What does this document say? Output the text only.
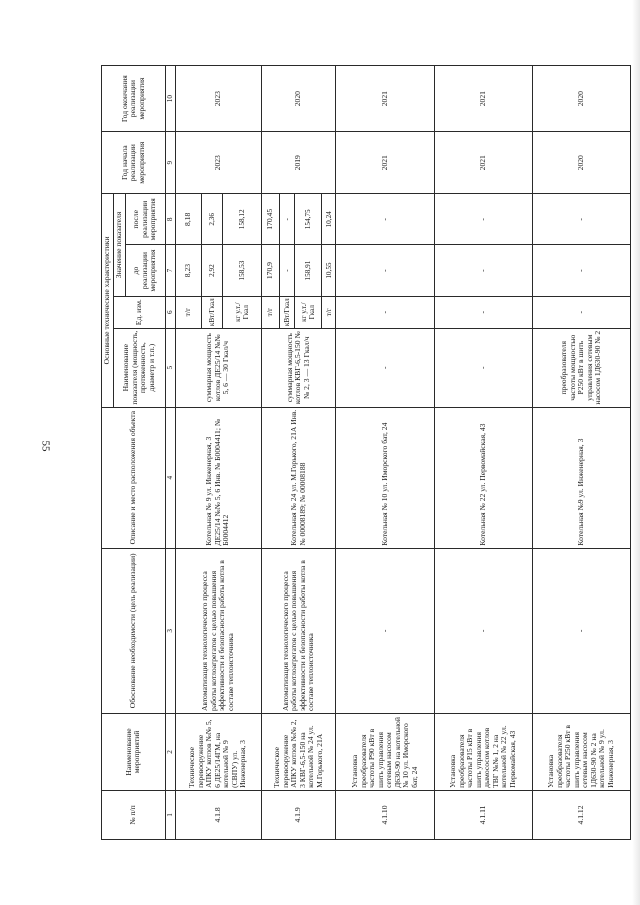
55
№ п/п	Наименование мероприятий	Обоснование необходимости (цель реализации)	Описание и место расположения объекта	Основные технические характеристики				Год начала реализации мероприятия	Год окончания реализации мероприятия
				Наименование показателя (мощность, протяженность, диаметр и т.п.)	Ед. изм.	Значение показателя			
						до реализации мероприятия	после реализации мероприятия		
1	2	3	4	5	6	7	8	9	10
4.1.8	Техническое перевооружение АПКУ котлов №№ 5, 6 ДЕ25/14ГМ, на котельной № 9 (СВПУ) ул. Инженерная, 3	Автоматизация технологического процесса работы котлоагрегатов с целью повышения эффективности и безопасности работы котла в составе теплоисточника	Котельная № 9 ул. Инженерная, 3 ДЕ25/14 №№ 5, 6 Инв. № Б0004411; № Б0004412	суммарная мощность котлов ДЕ25/14 №№ 5, 6 — 30 Гкал/ч	т/г	8,23	8,18	2023	2023
					кВт/Гкал	2,92	2,36		
					кг у.т./Гкал	158,53	158,12		
4.1.9	Техническое перевооружение АПКУ котлов №№ 2, 3 КВГ-6,5-150 на котельной № 24 ул. М.Горького, 21А	Автоматизация технологического процесса работы котлоагрегатов с целью повышения эффективности и безопасности работы котла в составе теплоисточника	Котельная № 24 ул. М.Горького, 21А Инв. № 00008189; № 00008188	суммарная мощность котлов КВГ-6,5-150 №№ 2, 3 — 13 Гкал/ч	т/г	170,9	170,45	2019	2020
					кВт/Гкал	-	-		
					кг у.т./Гкал	158,91	154,75		
					т/г	10,55	10,24		
4.1.10	Установка преобразователя частоты Р90 кВт в шить управления сетевым насосом Д630-90 на котельной № 10 ул. Иморского бат, 24	-	Котельная № 10 ул. Иморского бат, 24	-	-	-	-	2021	2021
4.1.11	Установка преобразователя частоты Р15 кВт в шить управления дымососом котлов ТВГ №№ 1, 2 на котельной № 22 ул. Первомайская, 43	-	Котельная № 22 ул. Первомайская, 43	-	-	-	-	2021	2021
4.1.12	Установка преобразователя частоты Р250 кВт в шить управления сетевым насосом 1Д630-90 № 2 на котельной № 9 ул. Инженерная, 3	-	Котельная №9 ул. Инженерная, 3	преобразователя частоты мощностью Р250 кВт в шить управления сетевым насосом 1Д630-90 № 2	-	-	-	2020	2020
